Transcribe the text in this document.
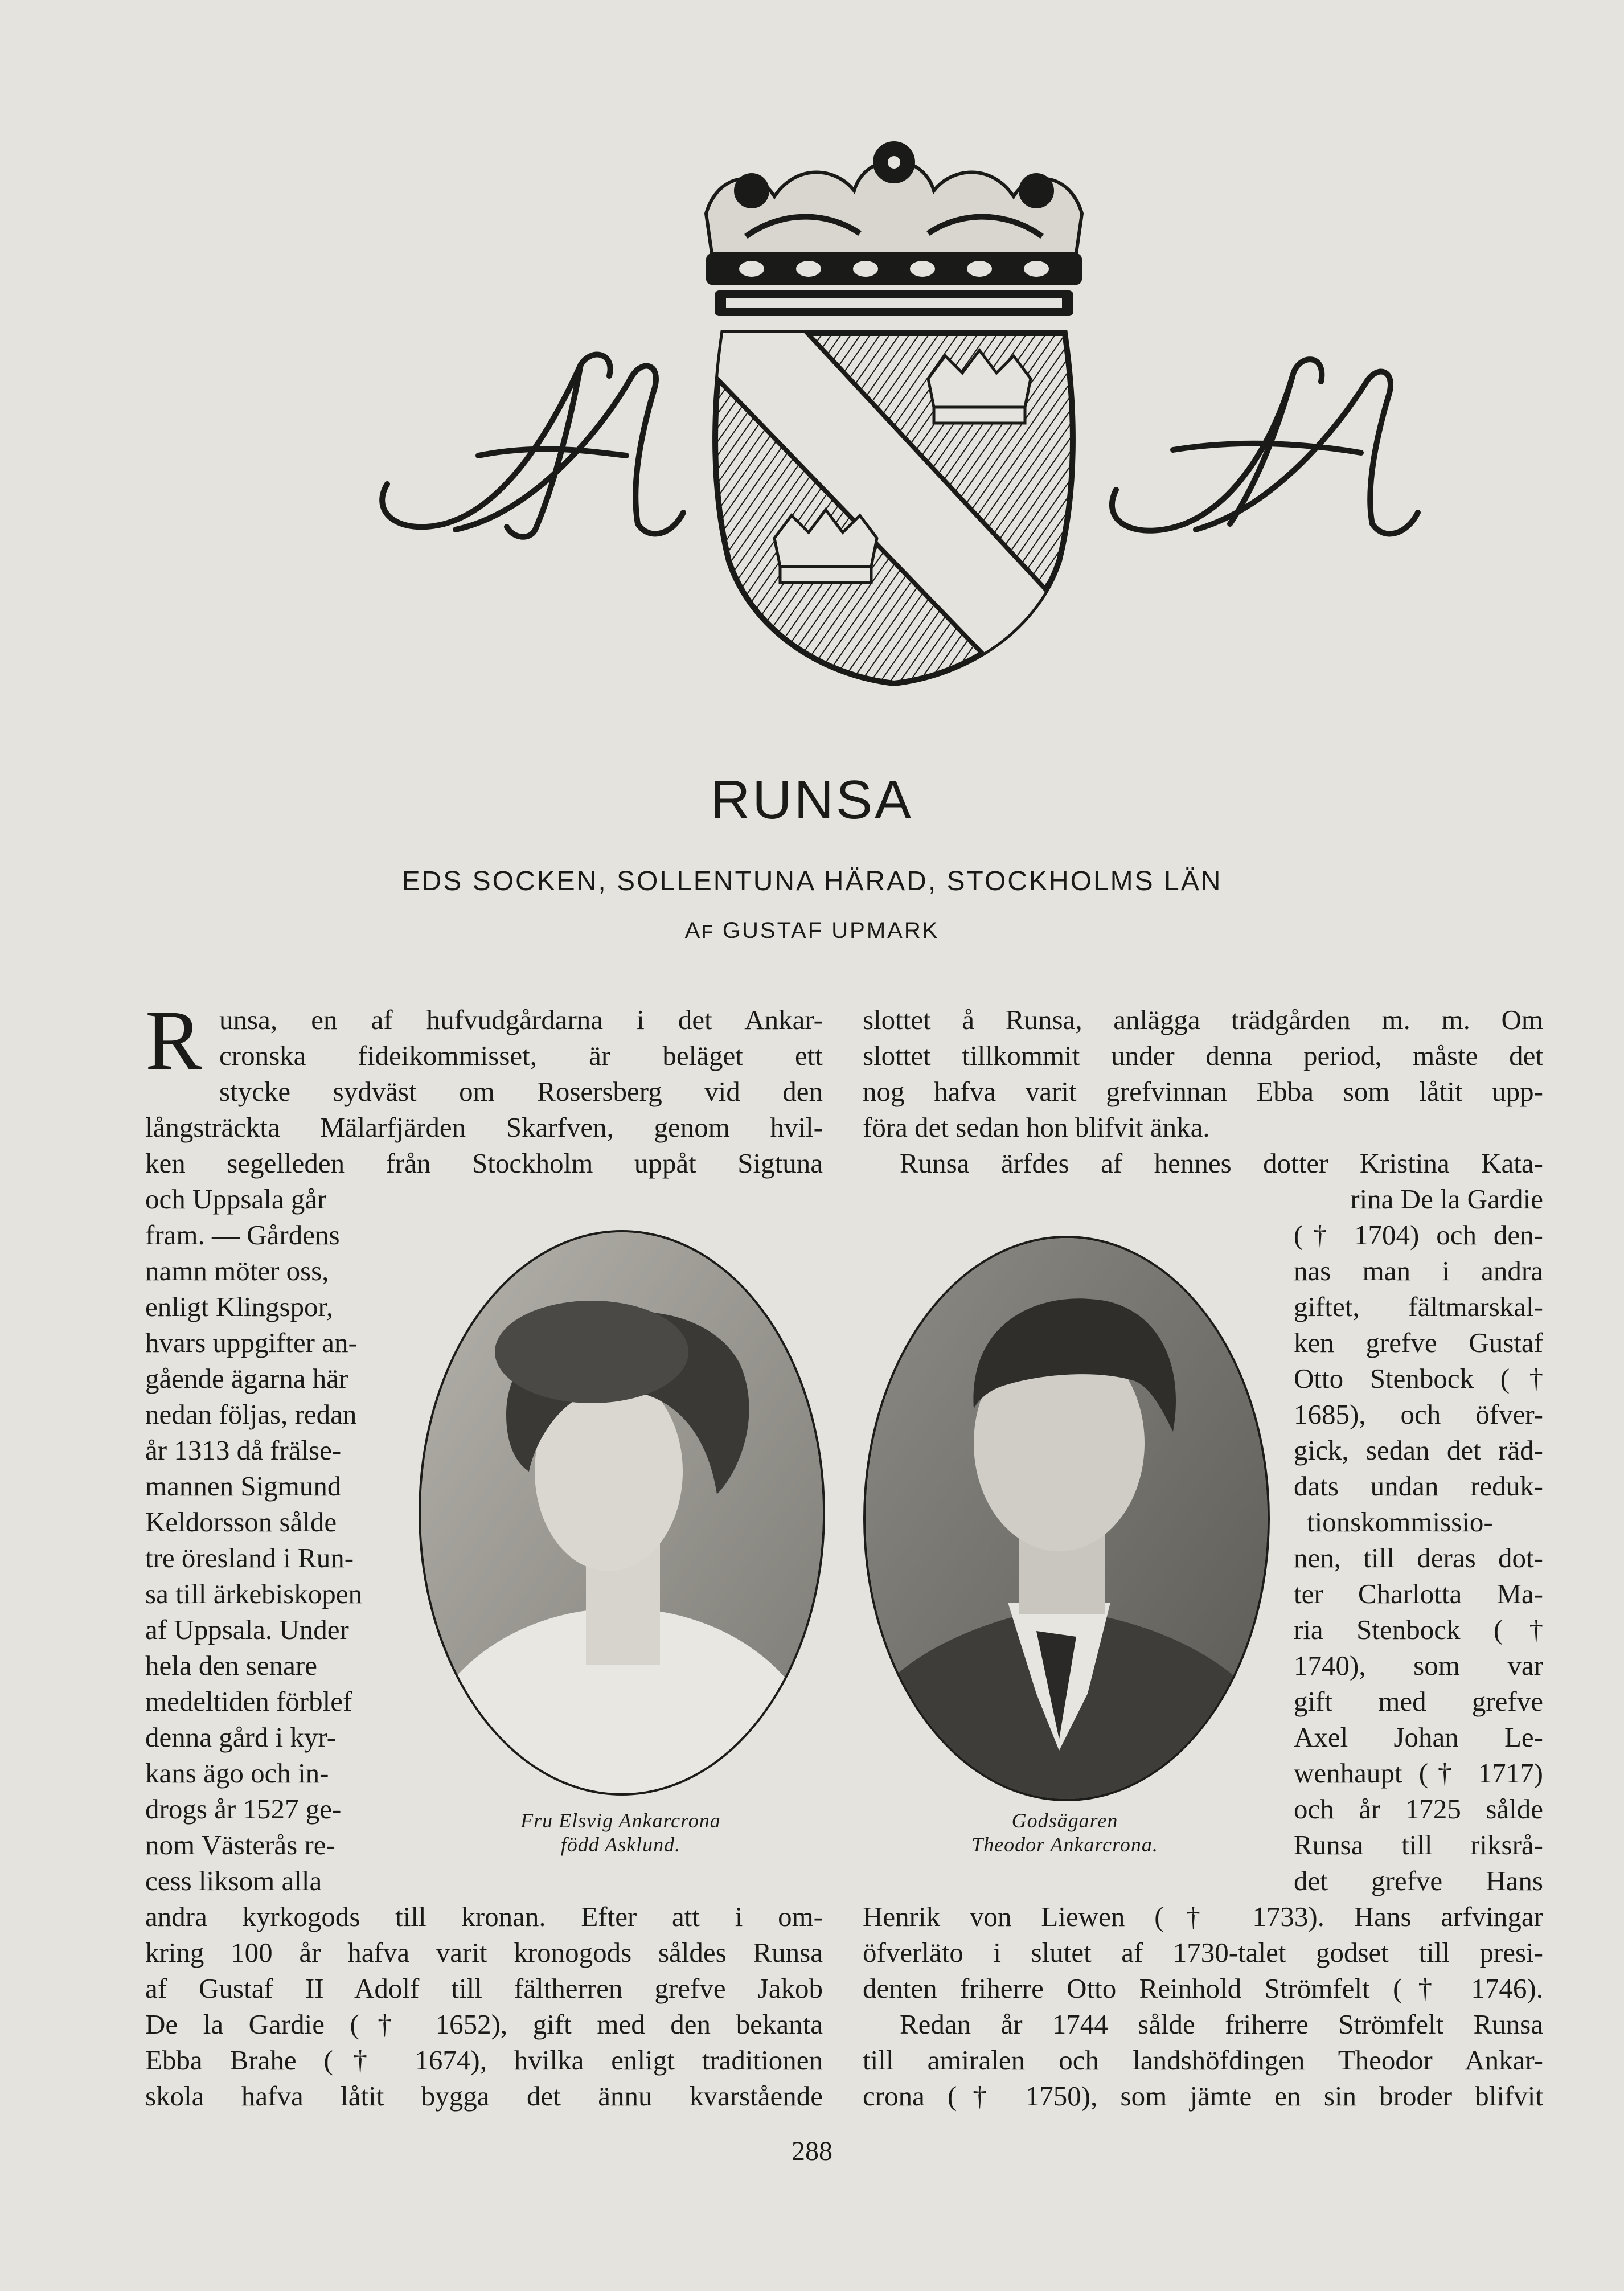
RUNSA
EDS SOCKEN, SOLLENTUNA HÄRAD, STOCKHOLMS LÄN
AF GUSTAF UPMARK
R
Fru Elsvig Ankarcrona
född Asklund.
Godsägaren
Theodor Ankarcrona.
unsa, en af hufvudgårdarna i det Ankar-
cronska fideikommisset, är beläget ett
stycke sydväst om Rosersberg vid den
långsträckta Mälarfjärden Skarfven, genom hvil-
ken segelleden från Stockholm uppåt Sigtuna
och Uppsala går
fram. — Gårdens
namn möter oss,
enligt Klingspor,
hvars uppgifter an-
gående ägarna här
nedan följas, redan
år 1313 då frälse-
mannen Sigmund
Keldorsson sålde
tre öresland i Run-
sa till ärkebiskopen
af Uppsala. Under
hela den senare
medeltiden förblef
denna gård i kyr-
kans ägo och in-
drogs år 1527 ge-
nom Västerås re-
cess liksom alla
andra kyrkogods till kronan. Efter att i om-
kring 100 år hafva varit kronogods såldes Runsa
af Gustaf II Adolf till fältherren grefve Jakob
De la Gardie († 1652), gift med den bekanta
Ebba Brahe († 1674), hvilka enligt traditionen
skola hafva låtit bygga det ännu kvarstående
slottet å Runsa, anlägga trädgården m. m. Om
slottet tillkommit under denna period, måste det
nog hafva varit grefvinnan Ebba som låtit upp-
föra det sedan hon blifvit änka.
Runsa ärfdes af hennes dotter Kristina Kata-
rina De la Gardie
(† 1704) och den-
nas man i andra
giftet, fältmarskal-
ken grefve Gustaf
Otto Stenbock (†
1685), och öfver-
gick, sedan det räd-
dats undan reduk-
tionskommissio-
nen, till deras dot-
ter Charlotta Ma-
ria Stenbock (†
1740), som var
gift med grefve
Axel Johan Le-
wenhaupt († 1717)
och år 1725 sålde
Runsa till riksrå-
det grefve Hans
Henrik von Liewen († 1733). Hans arfvingar
öfverläto i slutet af 1730-talet godset till presi-
denten friherre Otto Reinhold Strömfelt († 1746).
Redan år 1744 sålde friherre Strömfelt Runsa
till amiralen och landshöfdingen Theodor Ankar-
crona († 1750), som jämte en sin broder blifvit
288
